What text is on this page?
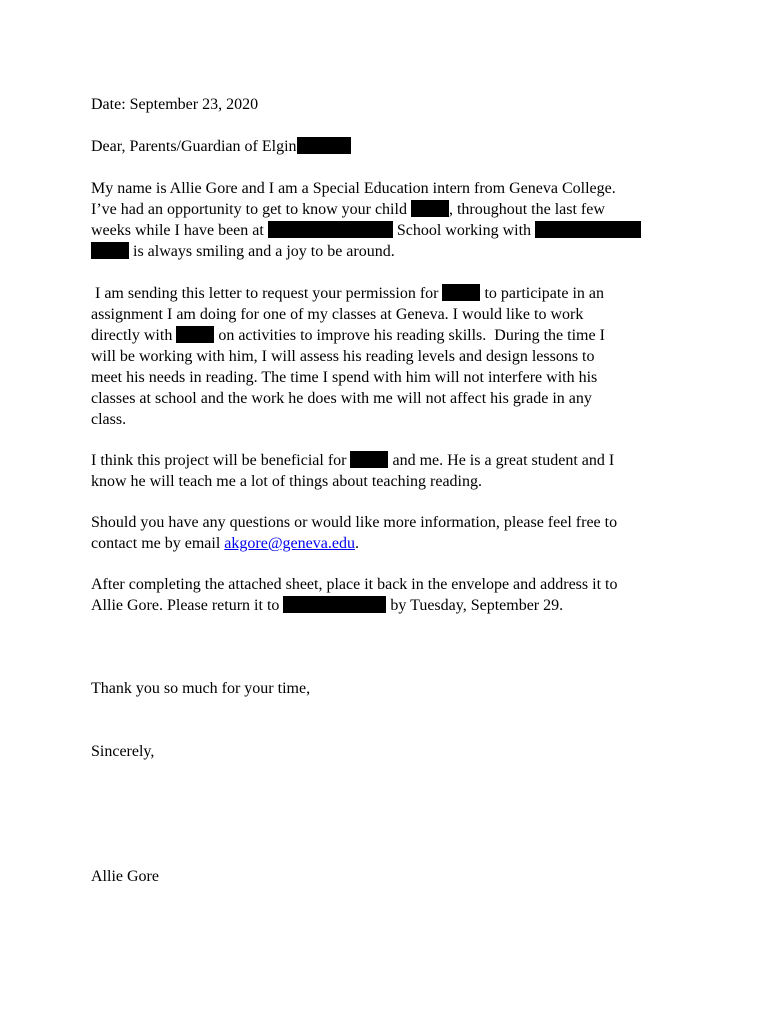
Date: September 23, 2020
Dear, Parents/Guardian of Elgin
My name is Allie Gore and I am a Special Education intern from Geneva College.
I’ve had an opportunity to get to know your child , throughout the last few
weeks while I have been at	School working with
is always smiling and a joy to be around.
I am sending this letter to request your permission for  to participate in an
assignment I am doing for one of my classes at Geneva. I would like to work
directly with  on activities to improve his reading skills.  During the time I
will be working with him, I will assess his reading levels and design lessons to
meet his needs in reading. The time I spend with him will not interfere with his
classes at school and the work he does with me will not affect his grade in any
class.
I think this project will be beneficial for  and me. He is a great student and I
know he will teach me a lot of things about teaching reading.
Should you have any questions or would like more information, please feel free to
contact me by email akgore@geneva.edu.
After completing the attached sheet, place it back in the envelope and address it to
Allie Gore. Please return it to	by Tuesday, September 29.
Thank you so much for your time,
Sincerely,
Allie Gore
